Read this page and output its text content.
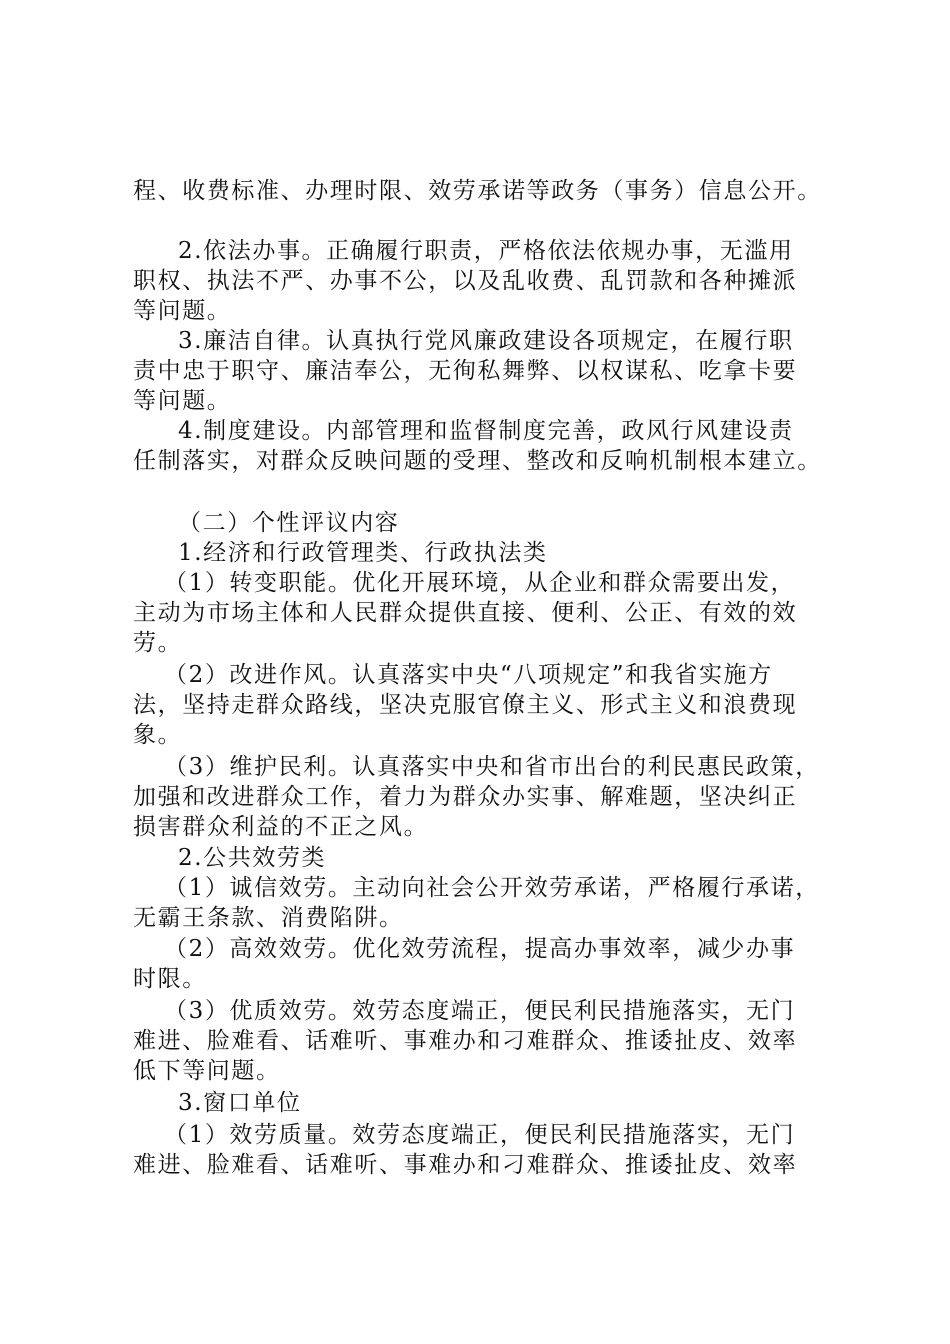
程、收费标准、办理时限、效劳承诺等政务（事务）信息公开。
2.依法办事。正确履行职责，严格依法依规办事，无滥用
职权、执法不严、办事不公，以及乱收费、乱罚款和各种摊派
等问题。
3.廉洁自律。认真执行党风廉政建设各项规定，在履行职
责中忠于职守、廉洁奉公，无徇私舞弊、以权谋私、吃拿卡要
等问题。
4.制度建设。内部管理和监督制度完善，政风行风建设责
任制落实，对群众反映问题的受理、整改和反响机制根本建立。
（二）个性评议内容
1.经济和行政管理类、行政执法类
（1）转变职能。优化开展环境，从企业和群众需要出发，
主动为市场主体和人民群众提供直接、便利、公正、有效的效
劳。
（2）改进作风。认真落实中央“八项规定”和我省实施方
法，坚持走群众路线，坚决克服官僚主义、形式主义和浪费现
象。
（3）维护民利。认真落实中央和省市出台的利民惠民政策，
加强和改进群众工作，着力为群众办实事、解难题，坚决纠正
损害群众利益的不正之风。
2.公共效劳类
（1）诚信效劳。主动向社会公开效劳承诺，严格履行承诺，
无霸王条款、消费陷阱。
（2）高效效劳。优化效劳流程，提高办事效率，减少办事
时限。
（3）优质效劳。效劳态度端正，便民利民措施落实，无门
难进、脸难看、话难听、事难办和刁难群众、推诿扯皮、效率
低下等问题。
3.窗口单位
（1）效劳质量。效劳态度端正，便民利民措施落实，无门
难进、脸难看、话难听、事难办和刁难群众、推诿扯皮、效率
